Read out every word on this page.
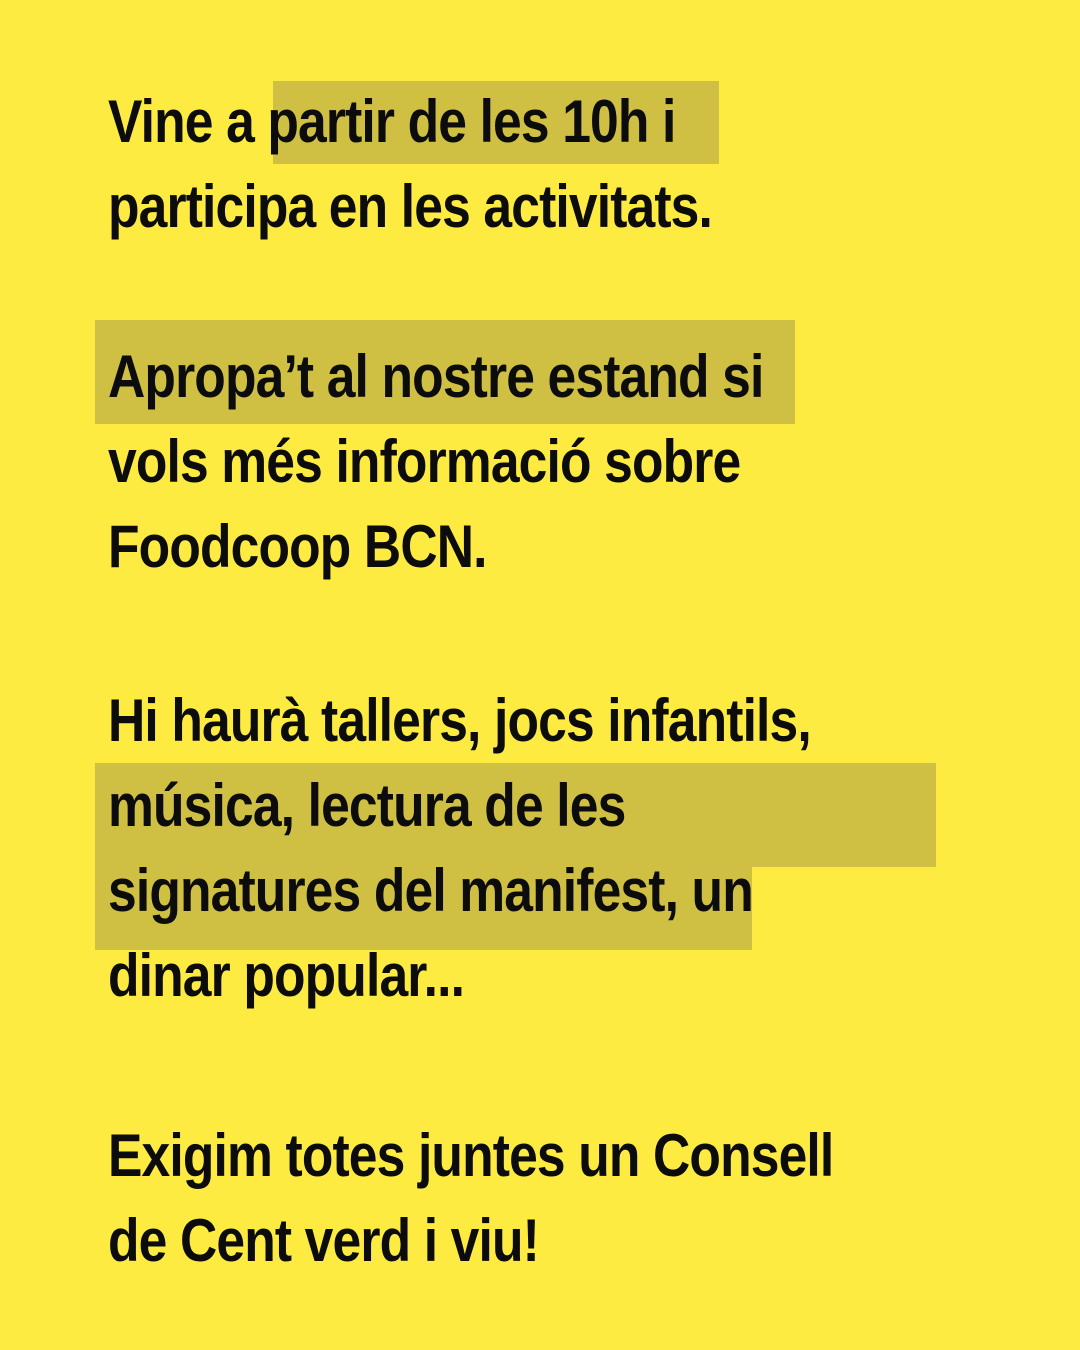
Vine a partir de les 10h i
participa en les activitats.

Apropa’t al nostre estand si
vols més informació sobre
Foodcoop BCN.

Hi haurà tallers, jocs infantils,
música, lectura de les
signatures del manifest, un
dinar popular...

Exigim totes juntes un Consell
de Cent verd i viu!
